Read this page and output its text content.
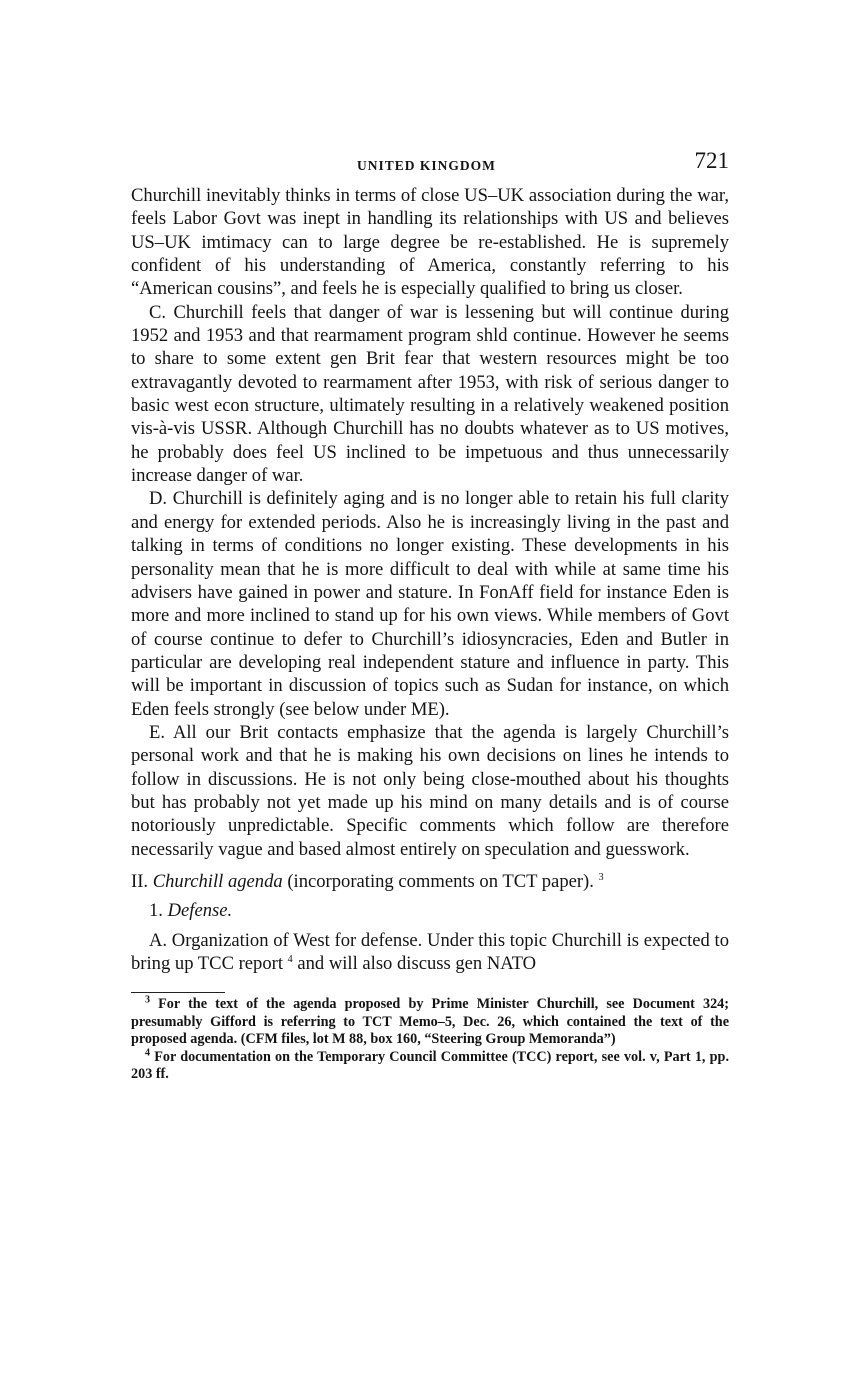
UNITED KINGDOM	721

Churchill inevitably thinks in terms of close US–UK association during the war, feels Labor Govt was inept in handling its relationships with US and believes US–UK imtimacy can to large degree be re-established. He is supremely confident of his understanding of America, constantly referring to his “American cousins”, and feels he is especially qualified to bring us closer.

C. Churchill feels that danger of war is lessening but will continue during 1952 and 1953 and that rearmament program shld continue. However he seems to share to some extent gen Brit fear that western resources might be too extravagantly devoted to rearmament after 1953, with risk of serious danger to basic west econ structure, ultimately resulting in a relatively weakened position vis-à-vis USSR. Although Churchill has no doubts whatever as to US motives, he probably does feel US inclined to be impetuous and thus unnecessarily increase danger of war.

D. Churchill is definitely aging and is no longer able to retain his full clarity and energy for extended periods. Also he is increasingly living in the past and talking in terms of conditions no longer existing. These developments in his personality mean that he is more difficult to deal with while at same time his advisers have gained in power and stature. In FonAff field for instance Eden is more and more inclined to stand up for his own views. While members of Govt of course continue to defer to Churchill’s idiosyncracies, Eden and Butler in particular are developing real independent stature and influence in party. This will be important in discussion of topics such as Sudan for instance, on which Eden feels strongly (see below under ME).

E. All our Brit contacts emphasize that the agenda is largely Churchill’s personal work and that he is making his own decisions on lines he intends to follow in discussions. He is not only being close-mouthed about his thoughts but has probably not yet made up his mind on many details and is of course notoriously unpredictable. Specific comments which follow are therefore necessarily vague and based almost entirely on speculation and guesswork.

II. Churchill agenda (incorporating comments on TCT paper). $^3$

1. Defense.

A. Organization of West for defense. Under this topic Churchill is expected to bring up TCC report $^4$ and will also discuss gen NATO

$^3$ For the text of the agenda proposed by Prime Minister Churchill, see Document 324; presumably Gifford is referring to TCT Memo–5, Dec. 26, which contained the text of the proposed agenda. (CFM files, lot M 88, box 160, “Steering Group Memoranda”)

$^4$ For documentation on the Temporary Council Committee (TCC) report, see vol. v, Part 1, pp. 203 ff.
